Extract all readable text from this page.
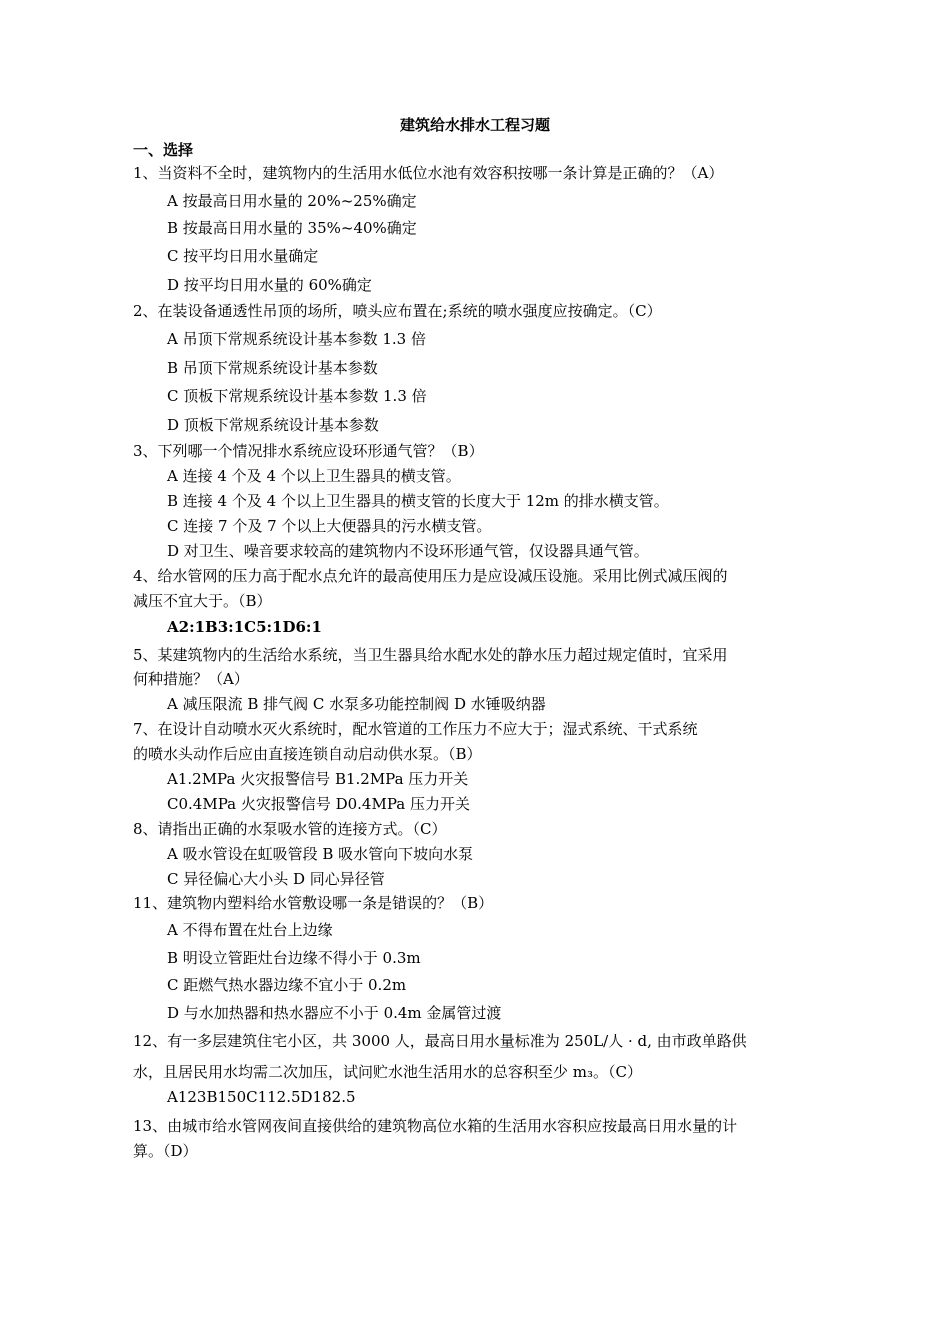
建筑给水排水工程习题
一、选择
1、当资料不全时，建筑物内的生活用水低位水池有效容积按哪一条计算是正确的？（A）
A 按最高日用水量的 20%~25%确定
B 按最高日用水量的 35%~40%确定
C 按平均日用水量确定
D 按平均日用水量的 60%确定
2、在装设备通透性吊顶的场所，喷头应布置在;系统的喷水强度应按确定。（C）
A 吊顶下常规系统设计基本参数 1.3 倍
B 吊顶下常规系统设计基本参数
C 顶板下常规系统设计基本参数 1.3 倍
D 顶板下常规系统设计基本参数
3、下列哪一个情况排水系统应设环形通气管？（B）
A 连接 4 个及 4 个以上卫生器具的横支管。
B 连接 4 个及 4 个以上卫生器具的横支管的长度大于 12m 的排水横支管。
C 连接 7 个及 7 个以上大便器具的污水横支管。
D 对卫生、噪音要求较高的建筑物内不设环形通气管，仅设器具通气管。
4、给水管网的压力高于配水点允许的最高使用压力是应设减压设施。采用比例式减压阀的
减压不宜大于。（B）
A2:1B3:1C5:1D6:1
5、某建筑物内的生活给水系统，当卫生器具给水配水处的静水压力超过规定值时，宜采用
何种措施？（A）
A 减压限流 B 排气阀 C 水泵多功能控制阀 D 水锤吸纳器
7、在设计自动喷水灭火系统时，配水管道的工作压力不应大于；湿式系统、干式系统
的喷水头动作后应由直接连锁自动启动供水泵。（B）
A1.2MPa 火灾报警信号 B1.2MPa 压力开关
C0.4MPa 火灾报警信号 D0.4MPa 压力开关
8、请指出正确的水泵吸水管的连接方式。（C）
A 吸水管设在虹吸管段 B 吸水管向下坡向水泵
C 异径偏心大小头 D 同心异径管
11、建筑物内塑料给水管敷设哪一条是错误的？（B）
A 不得布置在灶台上边缘
B 明设立管距灶台边缘不得小于 0.3m
C 距燃气热水器边缘不宜小于 0.2m
D 与水加热器和热水器应不小于 0.4m 金属管过渡
12、有一多层建筑住宅小区，共 3000 人，最高日用水量标准为 250L/人 · d, 由市政单路供
水，且居民用水均需二次加压，试问贮水池生活用水的总容积至少 m₃。（C）
A123B150C112.5D182.5
13、由城市给水管网夜间直接供给的建筑物高位水箱的生活用水容积应按最高日用水量的计
算。（D）
